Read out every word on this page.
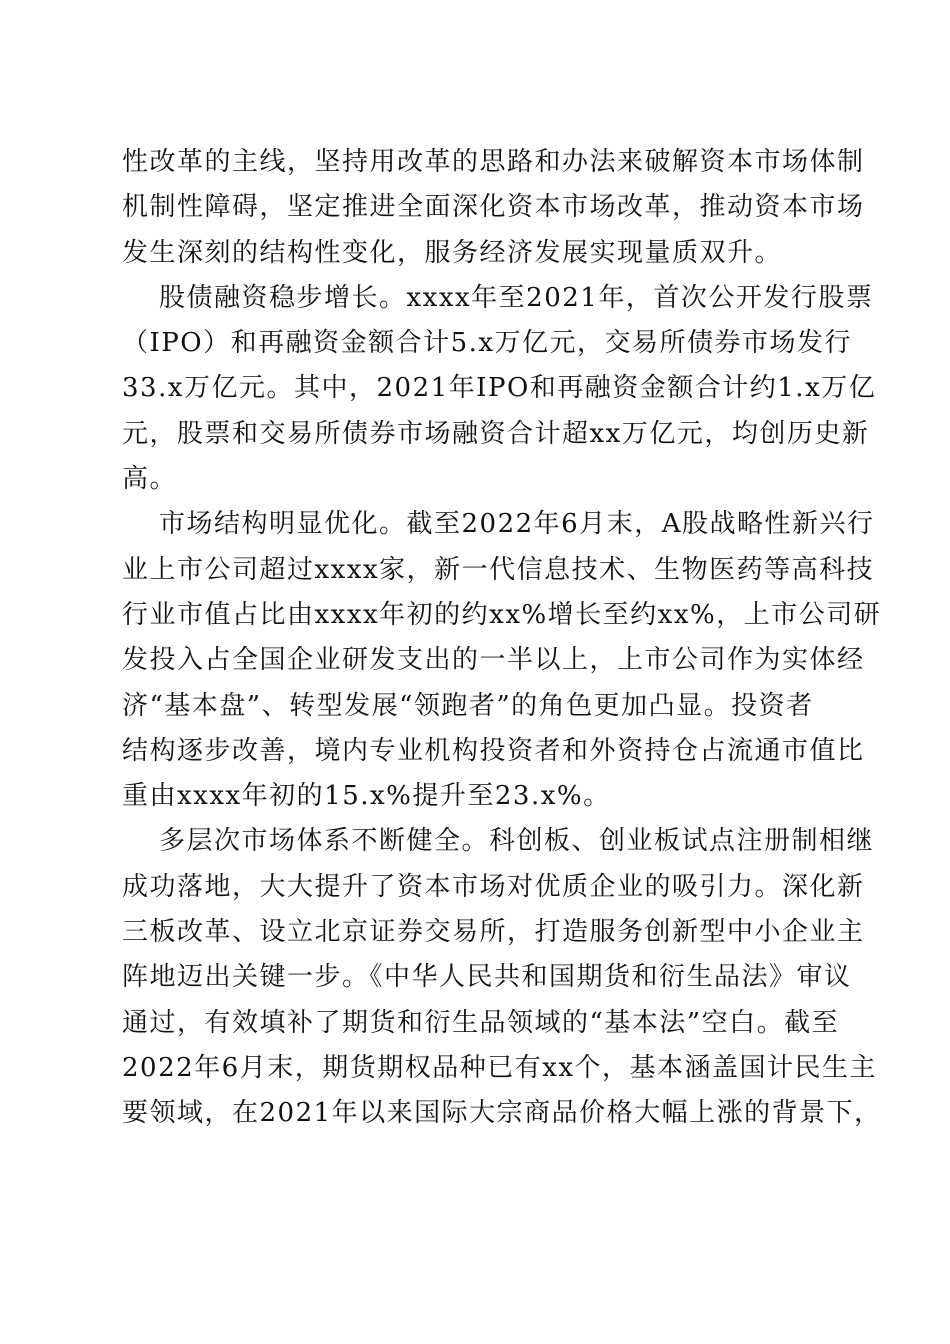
性改革的主线，坚持用改革的思路和办法来破解资本市场体制
机制性障碍，坚定推进全面深化资本市场改革，推动资本市场
发生深刻的结构性变化，服务经济发展实现量质双升。
股债融资稳步增长。xxxx年至2021年，首次公开发行股票
（IPO）和再融资金额合计5.x万亿元，交易所债券市场发行
33.x万亿元。其中，2021年IPO和再融资金额合计约1.x万亿
元，股票和交易所债券市场融资合计超xx万亿元，均创历史新
高。
市场结构明显优化。截至2022年6月末，A股战略性新兴行
业上市公司超过xxxx家，新一代信息技术、生物医药等高科技
行业市值占比由xxxx年初的约xx%增长至约xx%，上市公司研
发投入占全国企业研发支出的一半以上，上市公司作为实体经
济“基本盘”、转型发展“领跑者”的角色更加凸显。投资者
结构逐步改善，境内专业机构投资者和外资持仓占流通市值比
重由xxxx年初的15.x%提升至23.x%。
多层次市场体系不断健全。科创板、创业板试点注册制相继
成功落地，大大提升了资本市场对优质企业的吸引力。深化新
三板改革、设立北京证券交易所，打造服务创新型中小企业主
阵地迈出关键一步。《中华人民共和国期货和衍生品法》审议
通过，有效填补了期货和衍生品领域的“基本法”空白。截至
2022年6月末，期货期权品种已有xx个，基本涵盖国计民生主
要领域，在2021年以来国际大宗商品价格大幅上涨的背景下，
